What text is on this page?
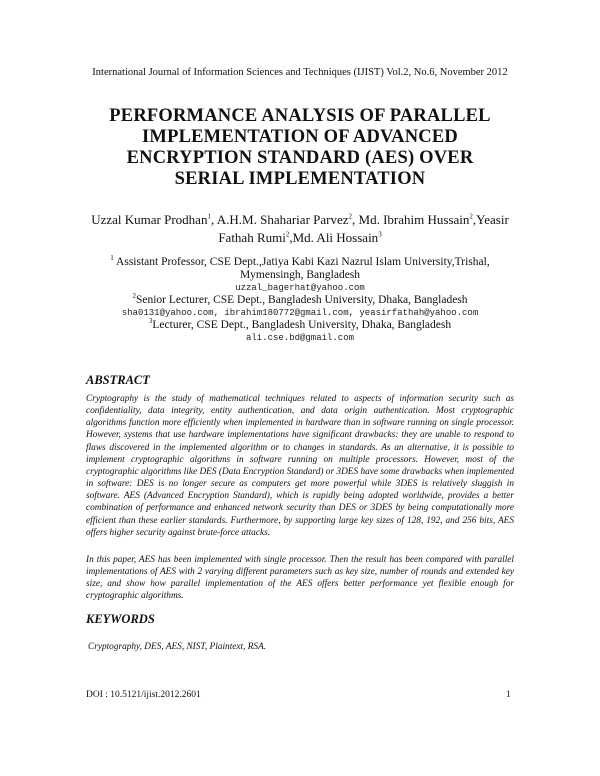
International Journal of Information Sciences and Techniques (IJIST) Vol.2, No.6, November 2012
PERFORMANCE ANALYSIS OF PARALLEL
IMPLEMENTATION OF ADVANCED
ENCRYPTION STANDARD (AES) OVER
SERIAL IMPLEMENTATION
Uzzal Kumar Prodhan$^1$, A.H.M. Shahariar Parvez$^2$, Md. Ibrahim Hussain$^2$,Yeasir
Fathah Rumi$^2$,Md. Ali Hossain$^3$
$^1$ Assistant Professor, CSE Dept.,Jatiya Kabi Kazi Nazrul Islam University,Trishal,
Mymensingh, Bangladesh
uzzal_bagerhat@yahoo.com
$^2$Senior Lecturer, CSE Dept., Bangladesh University, Dhaka, Bangladesh
sha0131@yahoo.com, ibrahim180772@gmail.com, yeasirfathah@yahoo.com
$^3$Lecturer, CSE Dept., Bangladesh University, Dhaka, Bangladesh
ali.cse.bd@gmail.com
ABSTRACT
Cryptography is the study of mathematical techniques related to aspects of information security such as confidentiality, data integrity, entity authentication, and data origin authentication. Most cryptographic algorithms function more efficiently when implemented in hardware than in software running on single processor. However, systems that use hardware implementations have significant drawbacks: they are unable to respond to flaws discovered in the implemented algorithm or to changes in standards. As an alternative, it is possible to implement cryptographic algorithms in software running on multiple processors. However, most of the cryptographic algorithms like DES (Data Encryption Standard) or 3DES have some drawbacks when implemented in software: DES is no longer secure as computers get more powerful while 3DES is relatively sluggish in software. AES (Advanced Encryption Standard), which is rapidly being adopted worldwide, provides a better combination of performance and enhanced network security than DES or 3DES by being computationally more efficient than these earlier standards. Furthermore, by supporting large key sizes of 128, 192, and 256 bits, AES offers higher security against brute-force attacks.
In this paper, AES has been implemented with single processor. Then the result has been compared with parallel implementations of AES with 2 varying different parameters such as key size, number of rounds and extended key size, and show how parallel implementation of the AES offers better performance yet flexible enough for cryptographic algorithms.
KEYWORDS
Cryptography, DES, AES, NIST, Plaintext, RSA.
DOI : 10.5121/ijist.2012.2601	1
